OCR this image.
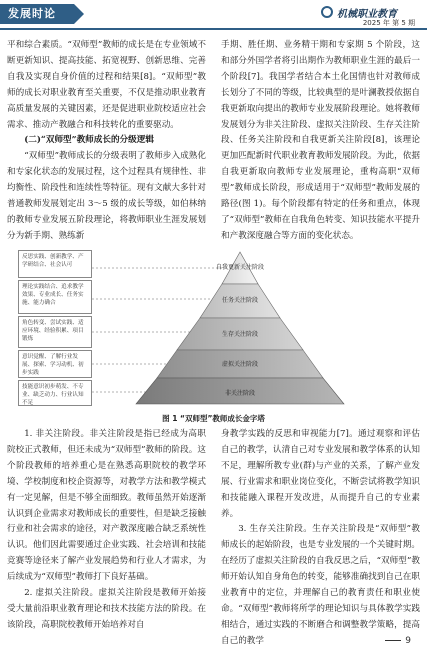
发展时论	机械职业教育
2025 年 第 5 期

平和综合素质。“双师型”教师的成长是在专业领域不断更新知识、提高技能、拓宽视野、创新思维、完善自我及实现自身价值的过程和结果[8]。“双师型”教师的成长对职业教育至关重要，不仅是推动职业教育高质量发展的关键因素，还是促进职业院校适应社会需求、推动产教融合和科技转化的重要驱动。

(二)“双师型”教师成长的分级逻辑

“双师型”教师成长的分级表明了教师步入成熟化和专家化状态的发展过程，这个过程具有规律性、非均衡性、阶段性和连续性等特征。现有文献大多针对普通教师发展划定出 3～5 级的成长等级，如伯林纳的教师专业发展五阶段理论，将教师职业生涯发展划分为新手期、熟练新

手期、胜任期、业务精干期和专家期 5 个阶段，这和部分外国学者将引出期作为教师职业生涯的最后一个阶段[7]。我国学者结合本土化国情也针对教师成长划分了不同的等级，比较典型的是叶澜教授依据自我更新取向提出的教师专业发展阶段理论。她将教师发展划分为非关注阶段、虚拟关注阶段、生存关注阶段、任务关注阶段和自我更新关注阶段[8]，该理论更加匹配新时代职业教育教师发展阶段。为此，依据自我更新取向教师专业发展理论，重构高职“双师型”教师成长阶段，形成适用于“双师型”教师发展的路径(图 1)。每个阶段都有特定的任务和重点，体现了“双师型”教师在自我角色转变、知识技能水平提升和产教深度融合等方面的变化状态。

自我更新关注阶段
任务关注阶段
生存关注阶段
虚拟关注阶段
非关注阶段
反思实践、创新教学、产学研结合、社会认可
理论实践结合、追求教学效果、专业成长、任务实施、能力确合
角色转变、尝试实践、适应环境、经验积累、项目锻炼
意识觉醒、了解行业发展、探索、学习动机、初步实践
技能意识初步萌发、不专业、缺乏动力、行业认知不足
图 1 “双师型”教师成长金字塔

1. 非关注阶段。非关注阶段是指已经成为高职院校正式教师，但还未成为“双师型”教师的阶段。这个阶段教师的培养重心是在熟悉高职院校的教学环境、学校制度和校企资源等，对教学方法和教学模式有一定见解，但是不够全面细致。教师虽然开始逐渐认识到企业需求对教师成长的重要性，但是缺乏接触行业和社会需求的途径，对产教深度融合缺乏系统性认识。他们因此需要通过企业实践、社会培训和技能竞赛等途径来了解产业发展趋势和行业人才需求，为后续成为“双师型”教师打下良好基础。

2. 虚拟关注阶段。虚拟关注阶段是教师开始接受大量前沿职业教育理论和技术技能方法的阶段。在该阶段，高职院校教师开始培养对自

身教学实践的反思和审视能力[7]。通过观察和评估自己的教学，认清自己对专业发展和教学体系的认知不足，理解所教专业(群)与产业的关系，了解产业发展、行业需求和职业岗位变化，不断尝试将教学知识和技能融入课程开发改进，从而提升自己的专业素养。

3. 生存关注阶段。生存关注阶段是“双师型”教师成长的起始阶段，也是专业发展的一个关键时期。在经历了虚拟关注阶段的自我反思之后，“双师型”教师开始认知自身角色的转变，能够准确找到自己在职业教育中的定位，并理解自己的教育责任和职业使命。“双师型”教师将所学的理论知识与具体教学实践相结合，通过实践的不断磨合和调整教学策略，提高自己的教学	9
